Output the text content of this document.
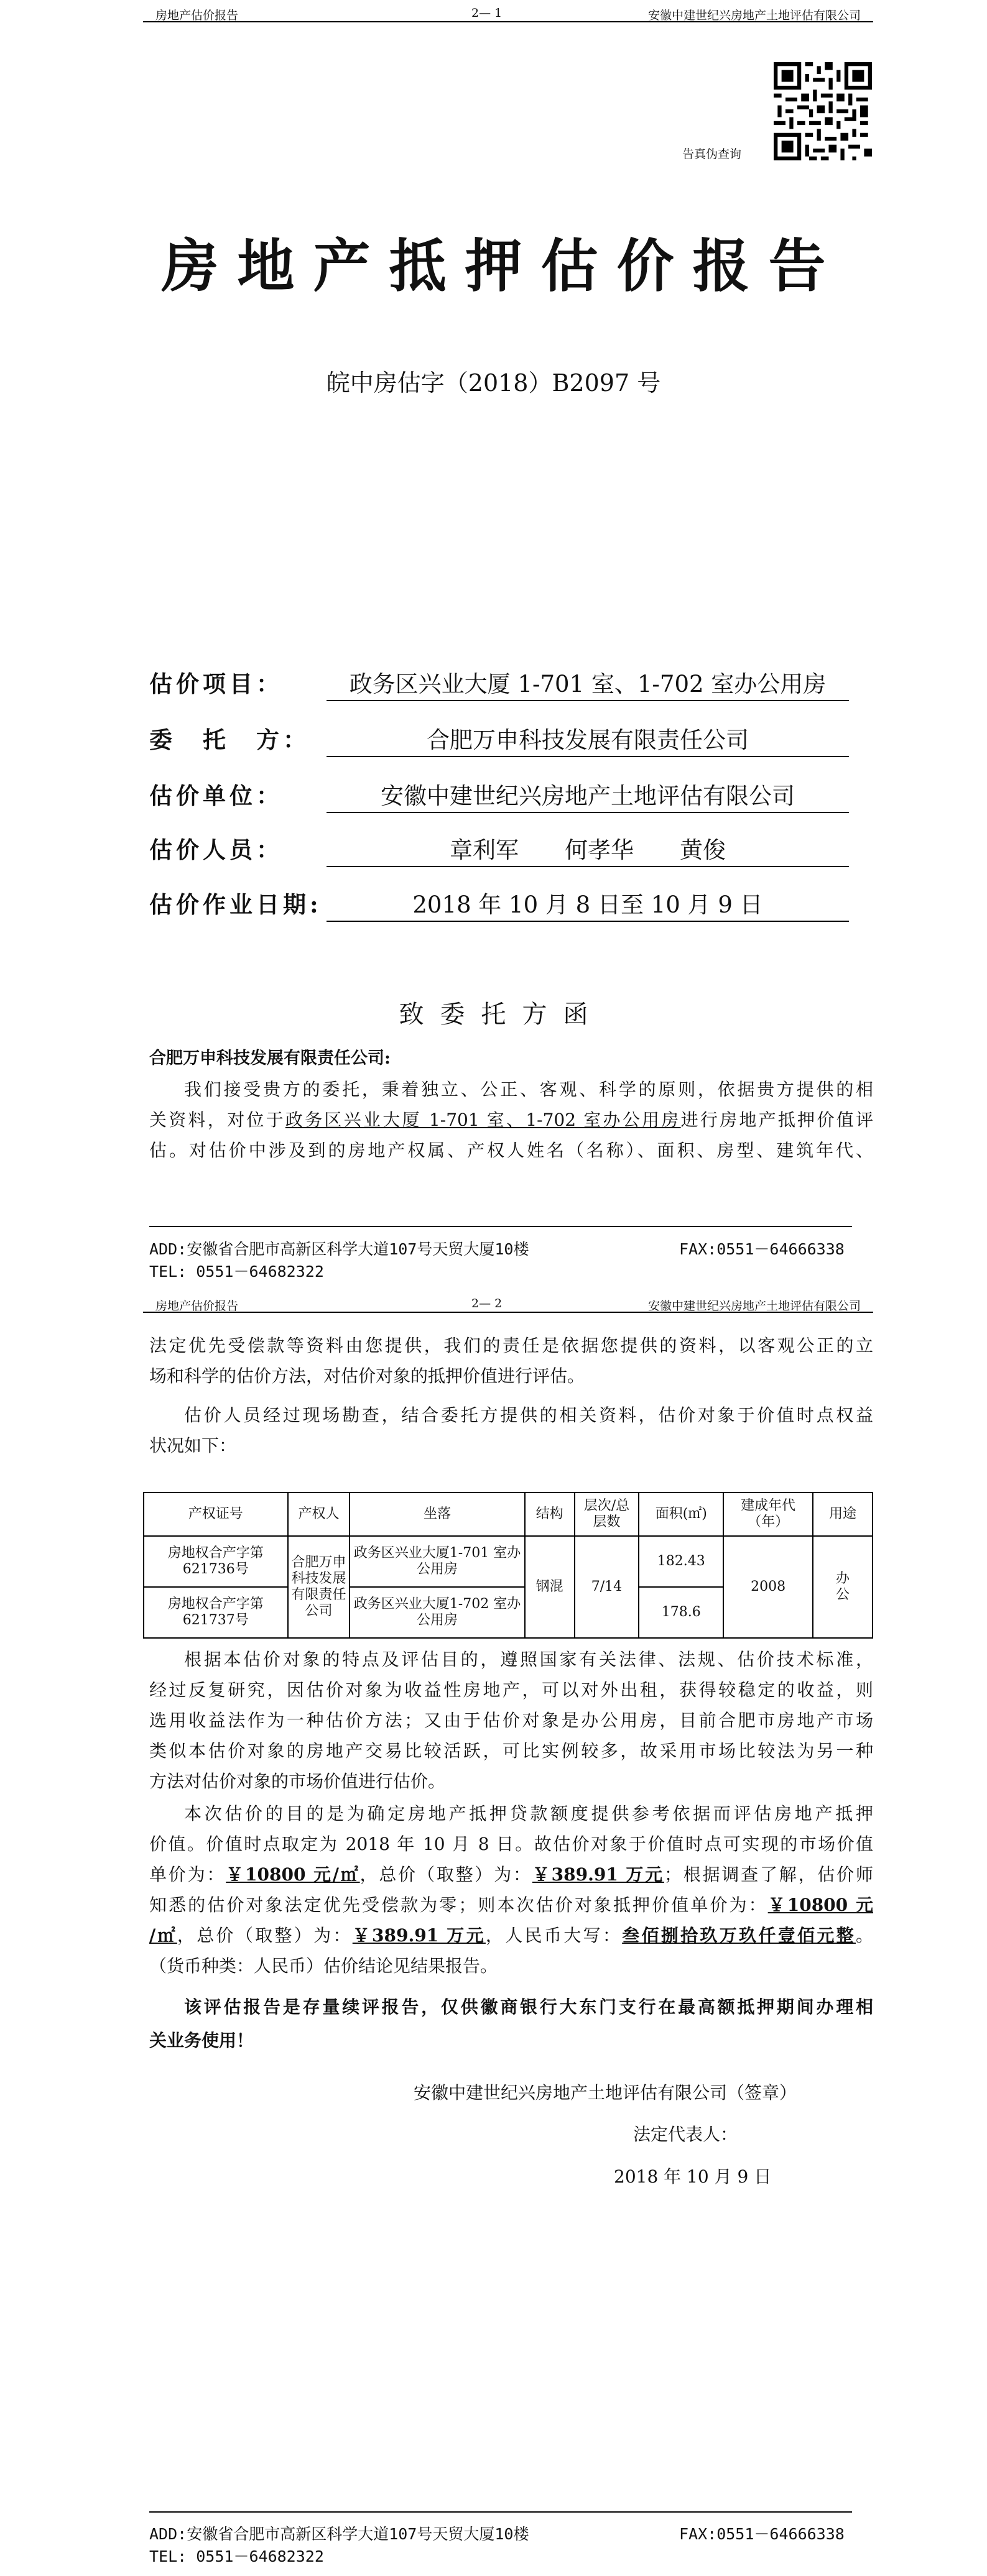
房地产估价报告	2— 1	安徽中建世纪兴房地产土地评估有限公司
告真伪查询
房地产抵押估价报告
皖中房估字（2018）B2097 号
估价项目：	政务区兴业大厦 1-701 室、1-702 室办公用房
委　托　方：	合肥万申科技发展有限责任公司
估价单位：	安徽中建世纪兴房地产土地评估有限公司
估价人员：	章利军　　何孝华　　黄俊
估价作业日期:	2018 年 10 月 8 日至 10 月 9 日
致委托方函
合肥万申科技发展有限责任公司:
我们接受贵方的委托，秉着独立、公正、客观、科学的原则，依据贵方提供的相
关资料，对位于政务区兴业大厦 1-701 室、1-702 室办公用房进行房地产抵押价值评
估。对估价中涉及到的房地产权属、产权人姓名（名称）、面积、房型、建筑年代、
ADD:安徽省合肥市高新区科学大道107号天贸大厦10楼	FAX:0551－64666338
TEL: 0551－64682322
房地产估价报告	2— 2	安徽中建世纪兴房地产土地评估有限公司
法定优先受偿款等资料由您提供，我们的责任是依据您提供的资料，以客观公正的立
场和科学的估价方法，对估价对象的抵押价值进行评估。
估价人员经过现场勘查，结合委托方提供的相关资料，估价对象于价值时点权益
状况如下：
产权证号	产权人	坐落	结构	层次/总层数	面积(㎡)	建成年代（年）	用途
房地权合产字第621736号	合肥万申科技发展有限责任公司	政务区兴业大厦1-701 室办公用房	钢混	7/14	182.43	2008	办公
房地权合产字第621737号		政务区兴业大厦1-702 室办公用房			178.6		
根据本估价对象的特点及评估目的，遵照国家有关法律、法规、估价技术标准，
经过反复研究，因估价对象为收益性房地产，可以对外出租，获得较稳定的收益，则
选用收益法作为一种估价方法；又由于估价对象是办公用房，目前合肥市房地产市场
类似本估价对象的房地产交易比较活跃，可比实例较多，故采用市场比较法为另一种
方法对估价对象的市场价值进行估价。
本次估价的目的是为确定房地产抵押贷款额度提供参考依据而评估房地产抵押
价值。价值时点取定为 2018 年 10 月 8 日。故估价对象于价值时点可实现的市场价值
单价为：￥10800 元/㎡，总价（取整）为：￥389.91 万元；根据调查了解，估价师
知悉的估价对象法定优先受偿款为零；则本次估价对象抵押价值单价为：￥10800 元
/㎡，总价（取整）为：￥389.91 万元，人民币大写：叁佰捌拾玖万玖仟壹佰元整。
（货币种类：人民币）估价结论见结果报告。
该评估报告是存量续评报告，仅供徽商银行大东门支行在最高额抵押期间办理相
关业务使用！
安徽中建世纪兴房地产土地评估有限公司（签章）
法定代表人：
2018 年 10 月 9 日
ADD:安徽省合肥市高新区科学大道107号天贸大厦10楼	FAX:0551－64666338
TEL: 0551－64682322
